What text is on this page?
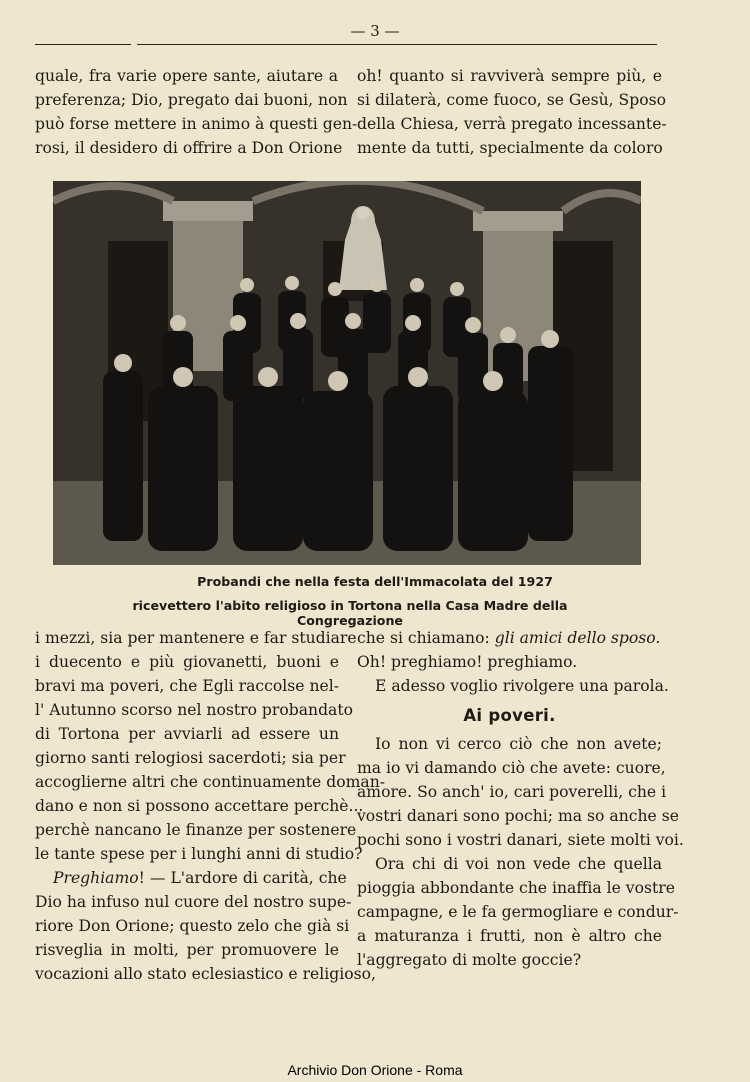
— 3 —
quale, fra varie opere sante, aiutare a
preferenza; Dio, pregato dai buoni, non
può forse mettere in animo à questi gen-
rosi, il desidero di offrire a Don Orione
oh! quanto si ravviverà sempre più, e
si dilaterà, come fuoco, se Gesù, Sposo
della Chiesa, verrà pregato incessante-
mente da tutti, specialmente da coloro
Probandi che nella festa dell'Immacolata del 1927
ricevettero l'abito religioso in Tortona nella Casa Madre della Congregazione
i mezzi, sia per mantenere e far studiare
i duecento e più giovanetti, buoni e
bravi ma poveri, che Egli raccolse nel-
l' Autunno scorso nel nostro probandato
di Tortona per avviarli ad essere un
giorno santi relogiosi sacerdoti; sia per
accoglierne altri che continuamente doman-
dano e non si possono accettare perchè...
perchè nancano le finanze per sostenere
le tante spese per i lunghi anni di studio?
Preghiamo! — L'ardore di carità, che
Dio ha infuso nul cuore del nostro supe-
riore Don Orione; questo zelo che già si
risveglia in molti, per promuovere le
vocazioni allo stato eclesiastico e religioso,
che si chiamano: gli amici dello sposo.
Oh! preghiamo! preghiamo.
E adesso voglio rivolgere una parola.
Ai poveri.
Io non vi cerco ciò che non avete;
ma io vi damando ciò che avete: cuore,
amore. So anch' io, cari poverelli, che i
vostri danari sono pochi; ma so anche se
pochi sono i vostri danari, siete molti voi.
Ora chi di voi non vede che quella
pioggia abbondante che inaffia le vostre
campagne, e le fa germogliare e condur-
a maturanza i frutti, non è altro che
l'aggregato di molte goccie?
Archivio Don Orione - Roma
